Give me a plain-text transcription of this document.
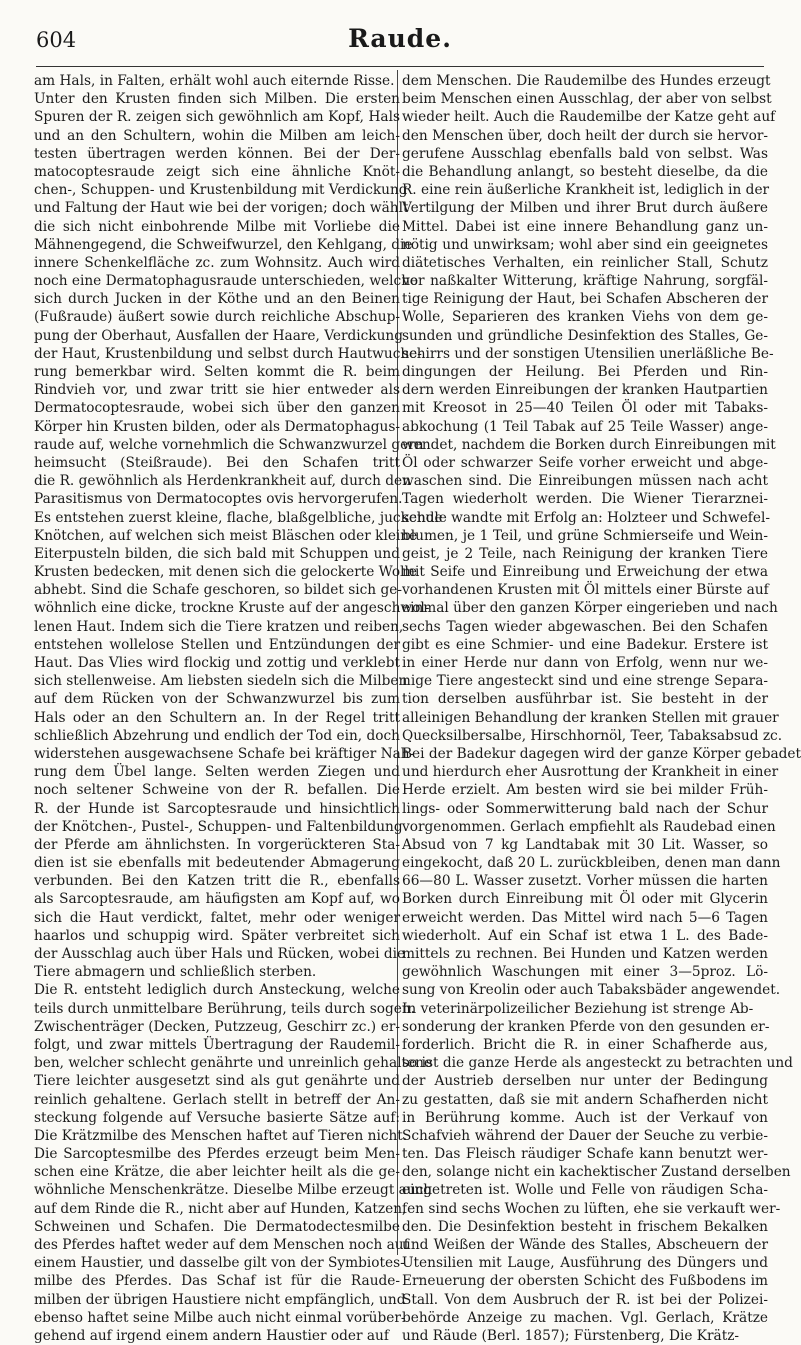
604	Raude.
am Hals, in Falten, erhält wohl auch eiternde Risse.
Unter den Krusten finden sich Milben. Die ersten
Spuren der R. zeigen sich gewöhnlich am Kopf, Hals
und an den Schultern, wohin die Milben am leich-
testen übertragen werden können. Bei der Der-
matocoptesraude zeigt sich eine ähnliche Knöt-
chen-, Schuppen- und Krustenbildung mit Verdickung
und Faltung der Haut wie bei der vorigen; doch wählt
die sich nicht einbohrende Milbe mit Vorliebe die
Mähnengegend, die Schweifwurzel, den Kehlgang, die
innere Schenkelfläche zc. zum Wohnsitz. Auch wird
noch eine Dermatophagusraude unterschieden, welche
sich durch Jucken in der Köthe und an den Beinen
(Fußraude) äußert sowie durch reichliche Abschup-
pung der Oberhaut, Ausfallen der Haare, Verdickung
der Haut, Krustenbildung und selbst durch Hautwuche-
rung bemerkbar wird. Selten kommt die R. beim
Rindvieh vor, und zwar tritt sie hier entweder als
Dermatocoptesraude, wobei sich über den ganzen
Körper hin Krusten bilden, oder als Dermatophagus-
raude auf, welche vornehmlich die Schwanzwurzel gern
heimsucht (Steißraude). Bei den Schafen tritt
die R. gewöhnlich als Herdenkrankheit auf, durch den
Parasitismus von Dermatocoptes ovis hervorgerufen.
Es entstehen zuerst kleine, flache, blaßgelbliche, juckende
Knötchen, auf welchen sich meist Bläschen oder kleine
Eiterpusteln bilden, die sich bald mit Schuppen und
Krusten bedecken, mit denen sich die gelockerte Wolle
abhebt. Sind die Schafe geschoren, so bildet sich ge-
wöhnlich eine dicke, trockne Kruste auf der angeschwol-
lenen Haut. Indem sich die Tiere kratzen und reiben,
entstehen wollelose Stellen und Entzündungen der
Haut. Das Vlies wird flockig und zottig und verklebt
sich stellenweise. Am liebsten siedeln sich die Milben
auf dem Rücken von der Schwanzwurzel bis zum
Hals oder an den Schultern an. In der Regel tritt
schließlich Abzehrung und endlich der Tod ein, doch
widerstehen ausgewachsene Schafe bei kräftiger Nah-
rung dem Übel lange. Selten werden Ziegen und
noch seltener Schweine von der R. befallen. Die
R. der Hunde ist Sarcoptesraude und hinsichtlich
der Knötchen-, Pustel-, Schuppen- und Faltenbildung
der Pferde am ähnlichsten. In vorgerückteren Sta-
dien ist sie ebenfalls mit bedeutender Abmagerung
verbunden. Bei den Katzen tritt die R., ebenfalls
als Sarcoptesraude, am häufigsten am Kopf auf, wo
sich die Haut verdickt, faltet, mehr oder weniger
haarlos und schuppig wird. Später verbreitet sich
der Ausschlag auch über Hals und Rücken, wobei die
Tiere abmagern und schließlich sterben.
Die R. entsteht lediglich durch Ansteckung, welche
teils durch unmittelbare Berührung, teils durch sogen.
Zwischenträger (Decken, Putzzeug, Geschirr zc.) er-
folgt, und zwar mittels Übertragung der Raudemil-
ben, welcher schlecht genährte und unreinlich gehaltene
Tiere leichter ausgesetzt sind als gut genährte und
reinlich gehaltene. Gerlach stellt in betreff der An-
steckung folgende auf Versuche basierte Sätze auf:
Die Krätzmilbe des Menschen haftet auf Tieren nicht.
Die Sarcoptesmilbe des Pferdes erzeugt beim Men-
schen eine Krätze, die aber leichter heilt als die ge-
wöhnliche Menschenkrätze. Dieselbe Milbe erzeugt auch
auf dem Rinde die R., nicht aber auf Hunden, Katzen,
Schweinen und Schafen. Die Dermatodectesmilbe
des Pferdes haftet weder auf dem Menschen noch auf
einem Haustier, und dasselbe gilt von der Symbiotes-
milbe des Pferdes. Das Schaf ist für die Raude-
milben der übrigen Haustiere nicht empfänglich, und
ebenso haftet seine Milbe auch nicht einmal vorüber-
gehend auf irgend einem andern Haustier oder auf
dem Menschen. Die Raudemilbe des Hundes erzeugt
beim Menschen einen Ausschlag, der aber von selbst
wieder heilt. Auch die Raudemilbe der Katze geht auf
den Menschen über, doch heilt der durch sie hervor-
gerufene Ausschlag ebenfalls bald von selbst. Was
die Behandlung anlangt, so besteht dieselbe, da die
R. eine rein äußerliche Krankheit ist, lediglich in der
Vertilgung der Milben und ihrer Brut durch äußere
Mittel. Dabei ist eine innere Behandlung ganz un-
nötig und unwirksam; wohl aber sind ein geeignetes
diätetisches Verhalten, ein reinlicher Stall, Schutz
vor naßkalter Witterung, kräftige Nahrung, sorgfäl-
tige Reinigung der Haut, bei Schafen Abscheren der
Wolle, Separieren des kranken Viehs von dem ge-
sunden und gründliche Desinfektion des Stalles, Ge-
schirrs und der sonstigen Utensilien unerläßliche Be-
dingungen der Heilung. Bei Pferden und Rin-
dern werden Einreibungen der kranken Hautpartien
mit Kreosot in 25—40 Teilen Öl oder mit Tabaks-
abkochung (1 Teil Tabak auf 25 Teile Wasser) ange-
wendet, nachdem die Borken durch Einreibungen mit
Öl oder schwarzer Seife vorher erweicht und abge-
waschen sind. Die Einreibungen müssen nach acht
Tagen wiederholt werden. Die Wiener Tierarznei-
schule wandte mit Erfolg an: Holzteer und Schwefel-
blumen, je 1 Teil, und grüne Schmierseife und Wein-
geist, je 2 Teile, nach Reinigung der kranken Tiere
mit Seife und Einreibung und Erweichung der etwa
vorhandenen Krusten mit Öl mittels einer Bürste auf
einmal über den ganzen Körper eingerieben und nach
sechs Tagen wieder abgewaschen. Bei den Schafen
gibt es eine Schmier- und eine Badekur. Erstere ist
in einer Herde nur dann von Erfolg, wenn nur we-
nige Tiere angesteckt sind und eine strenge Separa-
tion derselben ausführbar ist. Sie besteht in der
alleinigen Behandlung der kranken Stellen mit grauer
Quecksilbersalbe, Hirschhornöl, Teer, Tabaksabsud zc.
Bei der Badekur dagegen wird der ganze Körper gebadet
und hierdurch eher Ausrottung der Krankheit in einer
Herde erzielt. Am besten wird sie bei milder Früh-
lings- oder Sommerwitterung bald nach der Schur
vorgenommen. Gerlach empfiehlt als Raudebad einen
Absud von 7 kg Landtabak mit 30 Lit. Wasser, so
eingekocht, daß 20 L. zurückbleiben, denen man dann
66—80 L. Wasser zusetzt. Vorher müssen die harten
Borken durch Einreibung mit Öl oder mit Glycerin
erweicht werden. Das Mittel wird nach 5—6 Tagen
wiederholt. Auf ein Schaf ist etwa 1 L. des Bade-
mittels zu rechnen. Bei Hunden und Katzen werden
gewöhnlich Waschungen mit einer 3—5proz. Lö-
sung von Kreolin oder auch Tabaksbäder angewendet.
In veterinärpolizeilicher Beziehung ist strenge Ab-
sonderung der kranken Pferde von den gesunden er-
forderlich. Bricht die R. in einer Schafherde aus,
so ist die ganze Herde als angesteckt zu betrachten und
der Austrieb derselben nur unter der Bedingung
zu gestatten, daß sie mit andern Schafherden nicht
in Berührung komme. Auch ist der Verkauf von
Schafvieh während der Dauer der Seuche zu verbie-
ten. Das Fleisch räudiger Schafe kann benutzt wer-
den, solange nicht ein kachektischer Zustand derselben
eingetreten ist. Wolle und Felle von räudigen Scha-
fen sind sechs Wochen zu lüften, ehe sie verkauft wer-
den. Die Desinfektion besteht in frischem Bekalken
und Weißen der Wände des Stalles, Abscheuern der
Utensilien mit Lauge, Ausführung des Düngers und
Erneuerung der obersten Schicht des Fußbodens im
Stall. Von dem Ausbruch der R. ist bei der Polizei-
behörde Anzeige zu machen. Vgl. Gerlach, Krätze
und Räude (Berl. 1857); Fürstenberg, Die Krätz-
